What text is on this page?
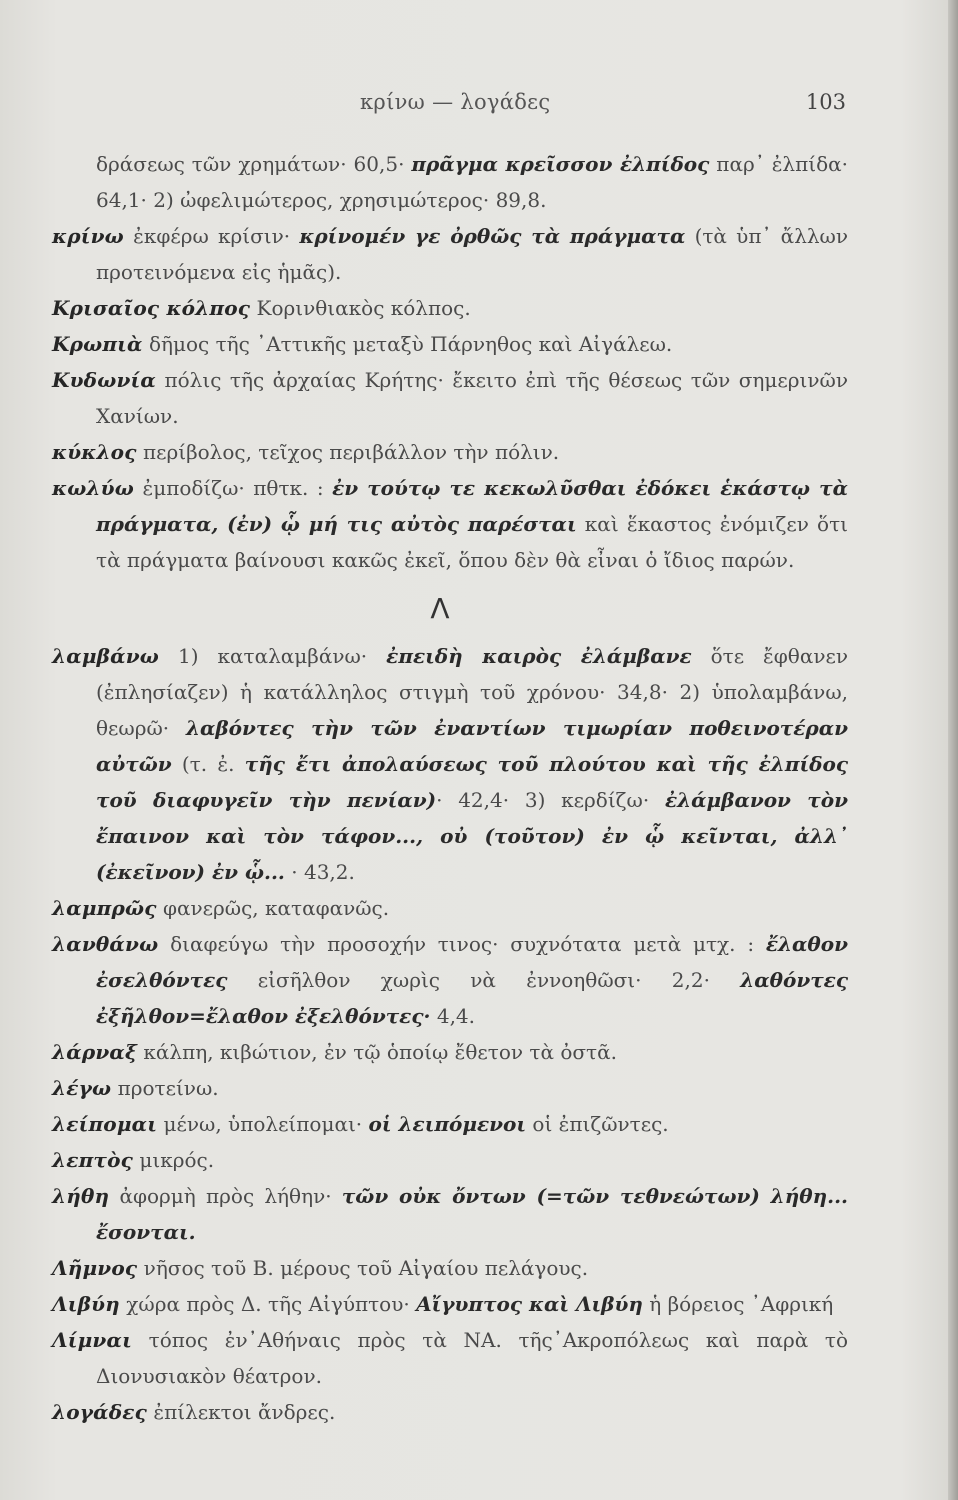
κρίνω — λογάδες	103
δράσεως τῶν χρημάτων· 60,5· πρᾶγμα κρεῖσσον ἐλπίδος παρ᾽ ἐλπίδα· 64,1· 2) ὠφελιμώτερος, χρησιμώτερος· 89,8.
κρίνω ἐκφέρω κρίσιν· κρίνομέν γε ὀρθῶς τὰ πράγματα (τὰ ὑπ᾽ ἄλλων προτεινόμενα εἰς ἡμᾶς).
Κρισαῖος κόλπος Κορινθιακὸς κόλπος.
Κρωπιὰ δῆμος τῆς ᾿Αττικῆς μεταξὺ Πάρνηθος καὶ Αἰγάλεω.
Κυδωνία πόλις τῆς ἀρχαίας Κρήτης· ἔκειτο ἐπὶ τῆς θέσεως τῶν σημερινῶν Χανίων.
κύκλος περίβολος, τεῖχος περιβάλλον τὴν πόλιν.
κωλύω ἐμποδίζω· πθτκ. : ἐν τούτῳ τε κεκωλῦσθαι ἐδόκει ἑκάστῳ τὰ πράγματα, (ἐν) ᾧ μή τις αὐτὸς παρέσται καὶ ἕκαστος ἐνόμιζεν ὅτι τὰ πράγματα βαίνουσι κακῶς ἐκεῖ, ὅπου δὲν θὰ εἶναι ὁ ἴδιος παρών.
Λ
λαμβάνω 1) καταλαμβάνω· ἐπειδὴ καιρὸς ἐλάμβανε ὅτε ἔφθανεν (ἐπλησίαζεν) ἡ κατάλληλος στιγμὴ τοῦ χρόνου· 34,8· 2) ὑπολαμβάνω, θεωρῶ· λαβόντες τὴν τῶν ἐναντίων τιμωρίαν ποθεινοτέραν αὐτῶν (τ. ἐ. τῆς ἔτι ἀπολαύσεως τοῦ πλούτου καὶ τῆς ἐλπίδος τοῦ διαφυγεῖν τὴν πενίαν)· 42,4· 3) κερδίζω· ἐλάμβανον τὸν ἔπαινον καὶ τὸν τάφον..., οὐ (τοῦτον) ἐν ᾧ κεῖνται, ἀλλ᾽ (ἐκεῖνον) ἐν ᾧ... · 43,2.
λαμπρῶς φανερῶς, καταφανῶς.
λανθάνω διαφεύγω τὴν προσοχήν τινος· συχνότατα μετὰ μτχ. : ἔλαθον ἐσελθόντες εἰσῆλθον χωρὶς νὰ ἐννοηθῶσι· 2,2· λαθόντες ἐξῆλθον=ἔλαθον ἐξελθόντες· 4,4.
λάρναξ κάλπη, κιβώτιον, ἐν τῷ ὁποίῳ ἔθετον τὰ ὀστᾶ.
λέγω προτείνω.
λείπομαι μένω, ὑπολείπομαι· οἱ λειπόμενοι οἱ ἐπιζῶντες.
λεπτὸς μικρός.
λήθη ἀφορμὴ πρὸς λήθην· τῶν οὐκ ὄντων (=τῶν τεθνεώτων) λήθη... ἔσονται.
Λῆμνος νῆσος τοῦ Β. μέρους τοῦ Αἰγαίου πελάγους.
Λιβύη χώρα πρὸς Δ. τῆς Αἰγύπτου· Αἴγυπτος καὶ Λιβύη ἡ βόρειος ᾿Αφρική
Λίμναι τόπος ἐν᾽Αθήναις πρὸς τὰ ΝΑ. τῆς᾽Ακροπόλεως καὶ παρὰ τὸ Διονυσιακὸν θέατρον.
λογάδες ἐπίλεκτοι ἄνδρες.
